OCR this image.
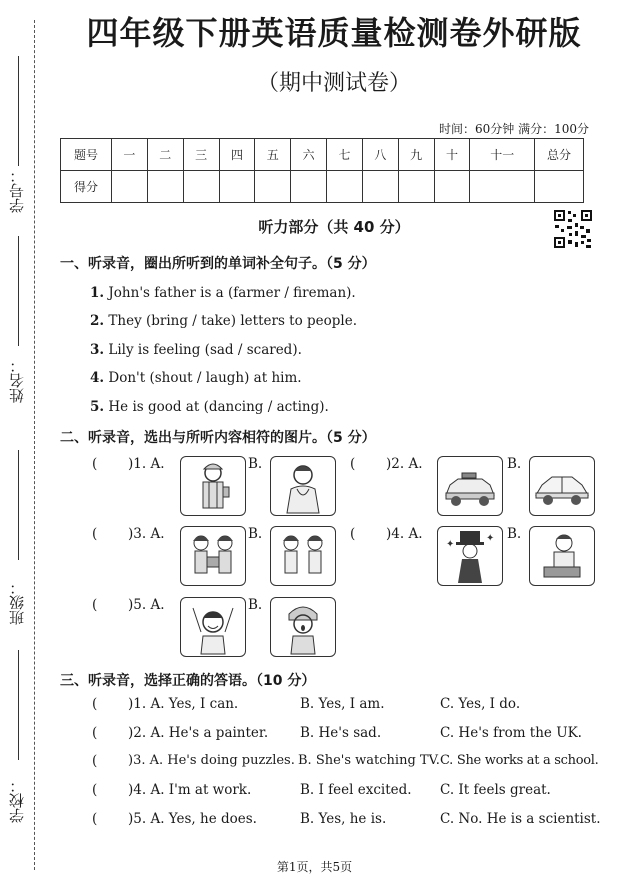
学号：
姓名：
班级：
学校：
四年级下册英语质量检测卷外研版
（期中测试卷）
时间：60分钟 满分：100分
题号	一	二	三	四	五	六	七	八	九	十	十一	总分
得分												
听力部分（共 40 分）
一、听录音，圈出所听到的单词补全句子。（5 分）
1. John's father is a (farmer / fireman).
2. They (bring / take) letters to people.
3. Lily is feeling (sad / scared).
4. Don't (shout / laugh) at him.
5. He is good at (dancing / acting).
二、听录音，选出与所听内容相符的图片。（5 分）
( )1. A.	B.	( )2. A.	B.
( )3. A.	B.	( )4. A.
✦
✦ B.
( )5. A.	B.
三、听录音，选择正确的答语。（10 分）
( )1. A. Yes, I can.	B. Yes, I am.	C. Yes, I do.
( )2. A. He's a painter. B. He's sad.	C. He's from the UK.
( )3. A. He's doing puzzles. B. She's watching TV. C. She works at a school.
( )4. A. I'm at work.	B. I feel excited. C. It feels great.
( )5. A. Yes, he does.	B. Yes, he is.	C. No. He is a scientist.
第1页，共5页
